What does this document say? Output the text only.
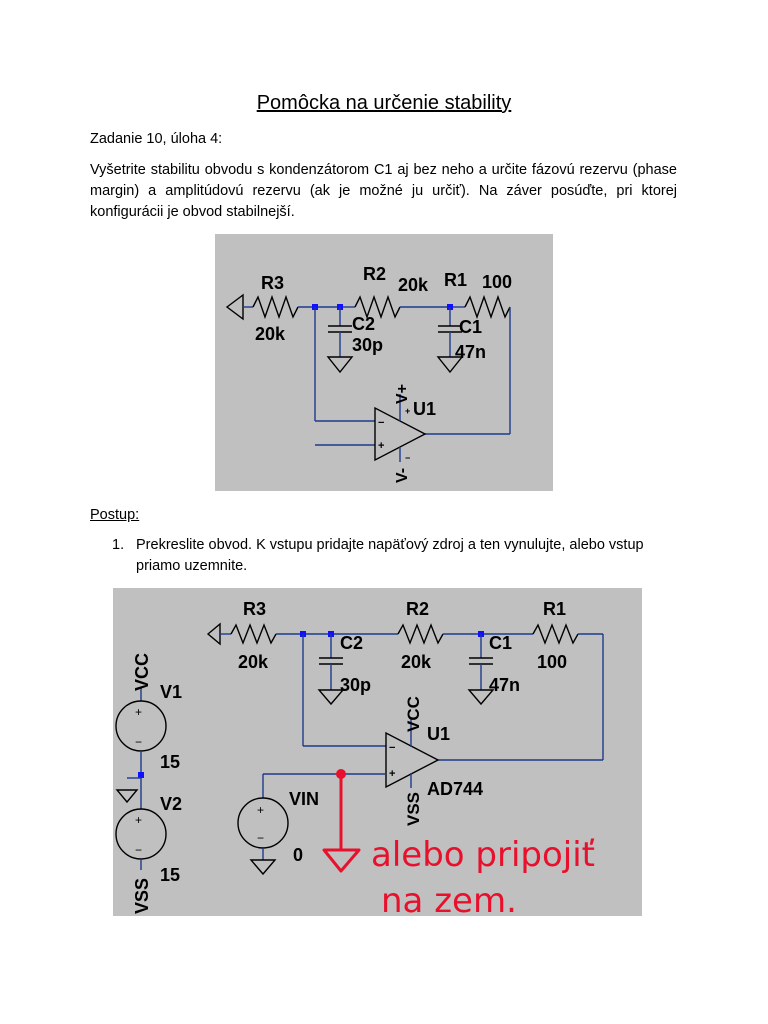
Pomôcka na určenie stability
Zadanie 10, úloha 4:
Vyšetrite stabilitu obvodu s kondenzátorom C1 aj bez neho a určite fázovú rezervu (phase margin) a amplitúdovú rezervu (ak je možné ju určiť). Na záver posúďte, pri ktorej konfigurácii je obvod stabilnejší.
−
+
+
−
R3
20k
R2
20k R1 100
C2
30p
C1
47n
U1
V+
V-
Postup:
1. Prekreslite obvod. K vstupu pridajte napäťový zdroj a ten vynulujte, alebo vstup priamo uzemnite.
−
+
+
−
+
−
+
−
R3
20k
R2
20k
R1
100
C2
30p
C1
47n
VCC
V1
15
V2
15
VSS
VCC
VSS
U1
AD744
VIN
0 alebo pripojiť
na zem.
